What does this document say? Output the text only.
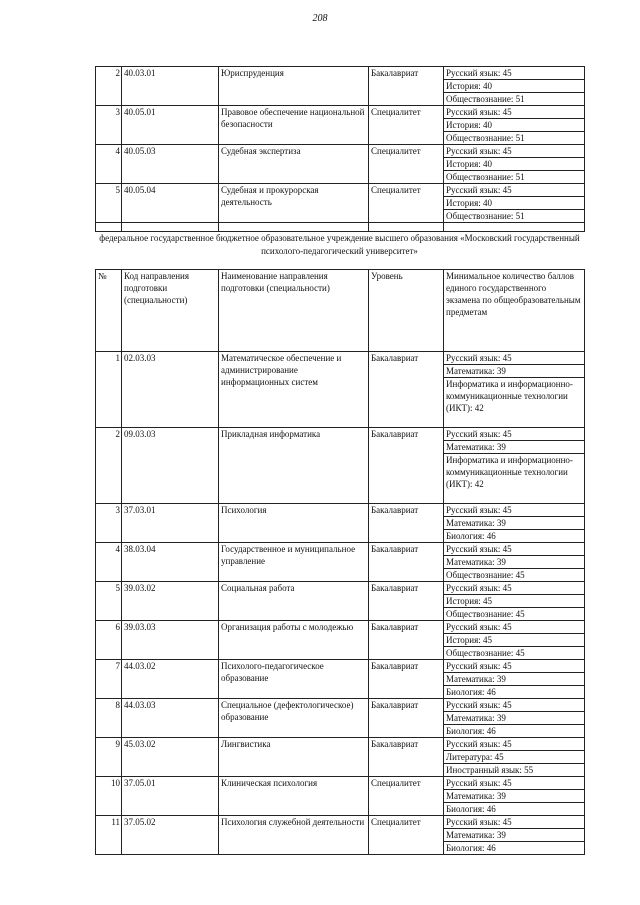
208
2	40.03.01	Юриспруденция	Бакалавриат	Русский язык: 45
				История: 40
				Обществознание: 51
3	40.05.01	Правовое обеспечение национальной безопасности	Специалитет	Русский язык: 45
				История: 40
				Обществознание: 51
4	40.05.03	Судебная экспертиза	Специалитет	Русский язык: 45
				История: 40
				Обществознание: 51
5	40.05.04	Судебная и прокурорская деятельность	Специалитет	Русский язык: 45
				История: 40
				Обществознание: 51

федеральное государственное бюджетное образовательное учреждение высшего образования «Московский государственный психолого-педагогический университет»
№	Код направления подготовки (специальности)	Наименование направления подготовки (специальности)	Уровень	Минимальное количество баллов единого государственного экзамена по общеобразовательным предметам
1	02.03.03	Математическое обеспечение и администрирование информационных систем	Бакалавриат	Русский язык: 45
				Математика: 39
				Информатика и информационно-коммуникационные технологии (ИКТ): 42
2	09.03.03	Прикладная информатика	Бакалавриат	Русский язык: 45
				Математика: 39
				Информатика и информационно-коммуникационные технологии (ИКТ): 42
3	37.03.01	Психология	Бакалавриат	Русский язык: 45
				Математика: 39
				Биология: 46
4	38.03.04	Государственное и муниципальное управление	Бакалавриат	Русский язык: 45
				Математика: 39
				Обществознание: 45
5	39.03.02	Социальная работа	Бакалавриат	Русский язык: 45
				История: 45
				Обществознание: 45
6	39.03.03	Организация работы с молодежью	Бакалавриат	Русский язык: 45
				История: 45
				Обществознание: 45
7	44.03.02	Психолого-педагогическое образование	Бакалавриат	Русский язык: 45
				Математика: 39
				Биология: 46
8	44.03.03	Специальное (дефектологическое) образование	Бакалавриат	Русский язык: 45
				Математика: 39
				Биология: 46
9	45.03.02	Лингвистика	Бакалавриат	Русский язык: 45
				Литература: 45
				Иностранный язык: 55
10	37.05.01	Клиническая психология	Специалитет	Русский язык: 45
				Математика: 39
				Биология: 46
11	37.05.02	Психология служебной деятельности	Специалитет	Русский язык: 45
				Математика: 39
				Биология: 46
